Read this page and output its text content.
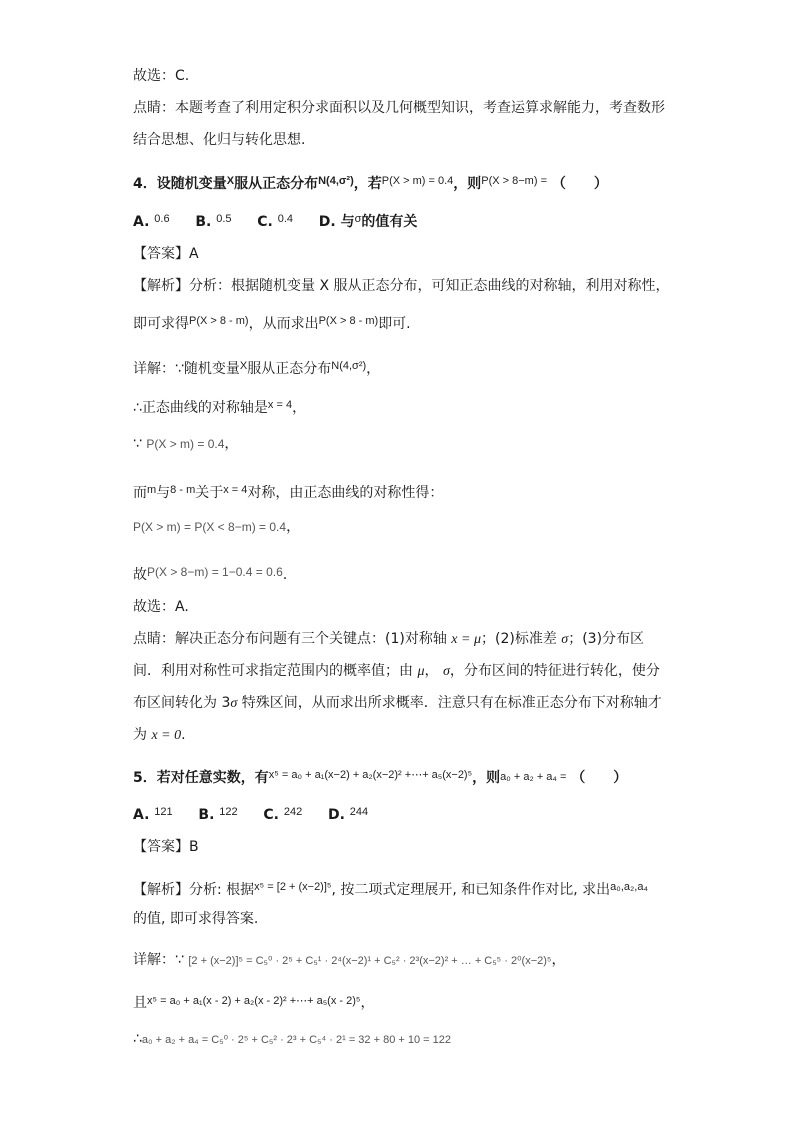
故选：C.
点睛：本题考查了利用定积分求面积以及几何概型知识，考查运算求解能力，考查数形
结合思想、化归与转化思想.
4．设随机变量$^X$服从正态分布$^{N(4,\sigma^2)}$，若$^{P(X > m) = 0.4}$，则$^{P(X > 8-m) =}$ （　　）
A. $^{0.6}$ B. $^{0.5}$ C. $^{0.4}$ D. 与$^\sigma$的值有关
【答案】A
【解析】分析：根据随机变量 X 服从正态分布，可知正态曲线的对称轴，利用对称性，
即可求得$^{P(X > 8 - m)}$，从而求出$^{P(X > 8 - m)}$即可.
详解：∵随机变量$^X$服从正态分布$^{N(4,\sigma^2)}$，
∴正态曲线的对称轴是$^{x = 4}$，
∵ P(X > m) = 0.4，
而$^m$与$^{8 - m}$关于$^{x = 4}$对称，由正态曲线的对称性得：
P(X > m) = P(X < 8−m) = 0.4，
故P(X > 8−m) = 1−0.4 = 0.6.
故选：A.
点睛：解决正态分布问题有三个关键点：(1)对称轴 x = μ；(2)标准差 σ；(3)分布区
间．利用对称性可求指定范围内的概率值；由 μ， σ，分布区间的特征进行转化，使分
布区间转化为 3σ 特殊区间，从而求出所求概率．注意只有在标准正态分布下对称轴才
为 x = 0.
5．若对任意实数，有$^{x^5 = a_0 + a_1(x-2) + a_2(x-2)^2 +\cdots+ a_5(x-2)^5}$，则a₀ + a₂ + a₄ = （　　）
A. $^{121}$ B. $^{122}$ C. $^{242}$ D. $^{244}$
【答案】B
【解析】分析: 根据$^{x^5 = [2 + (x-2)]^5}$, 按二项式定理展开, 和已知条件作对比, 求出$^{a_0,a_2,a_4}$
的值, 即可求得答案.
详解：∵ [2 + (x−2)]⁵ = C₅⁰ · 2⁵ + C₅¹ · 2⁴(x−2)¹ + C₅² · 2³(x−2)² + … + C₅⁵ · 2⁰(x−2)⁵，
且$^{x^5 = a_0 + a_1(x - 2) + a_2(x - 2)^2 +\cdots+ a_5(x - 2)^5}$，
∴a₀ + a₂ + a₄ = C₅⁰ · 2⁵ + C₅² · 2³ + C₅⁴ · 2¹ = 32 + 80 + 10 = 122
